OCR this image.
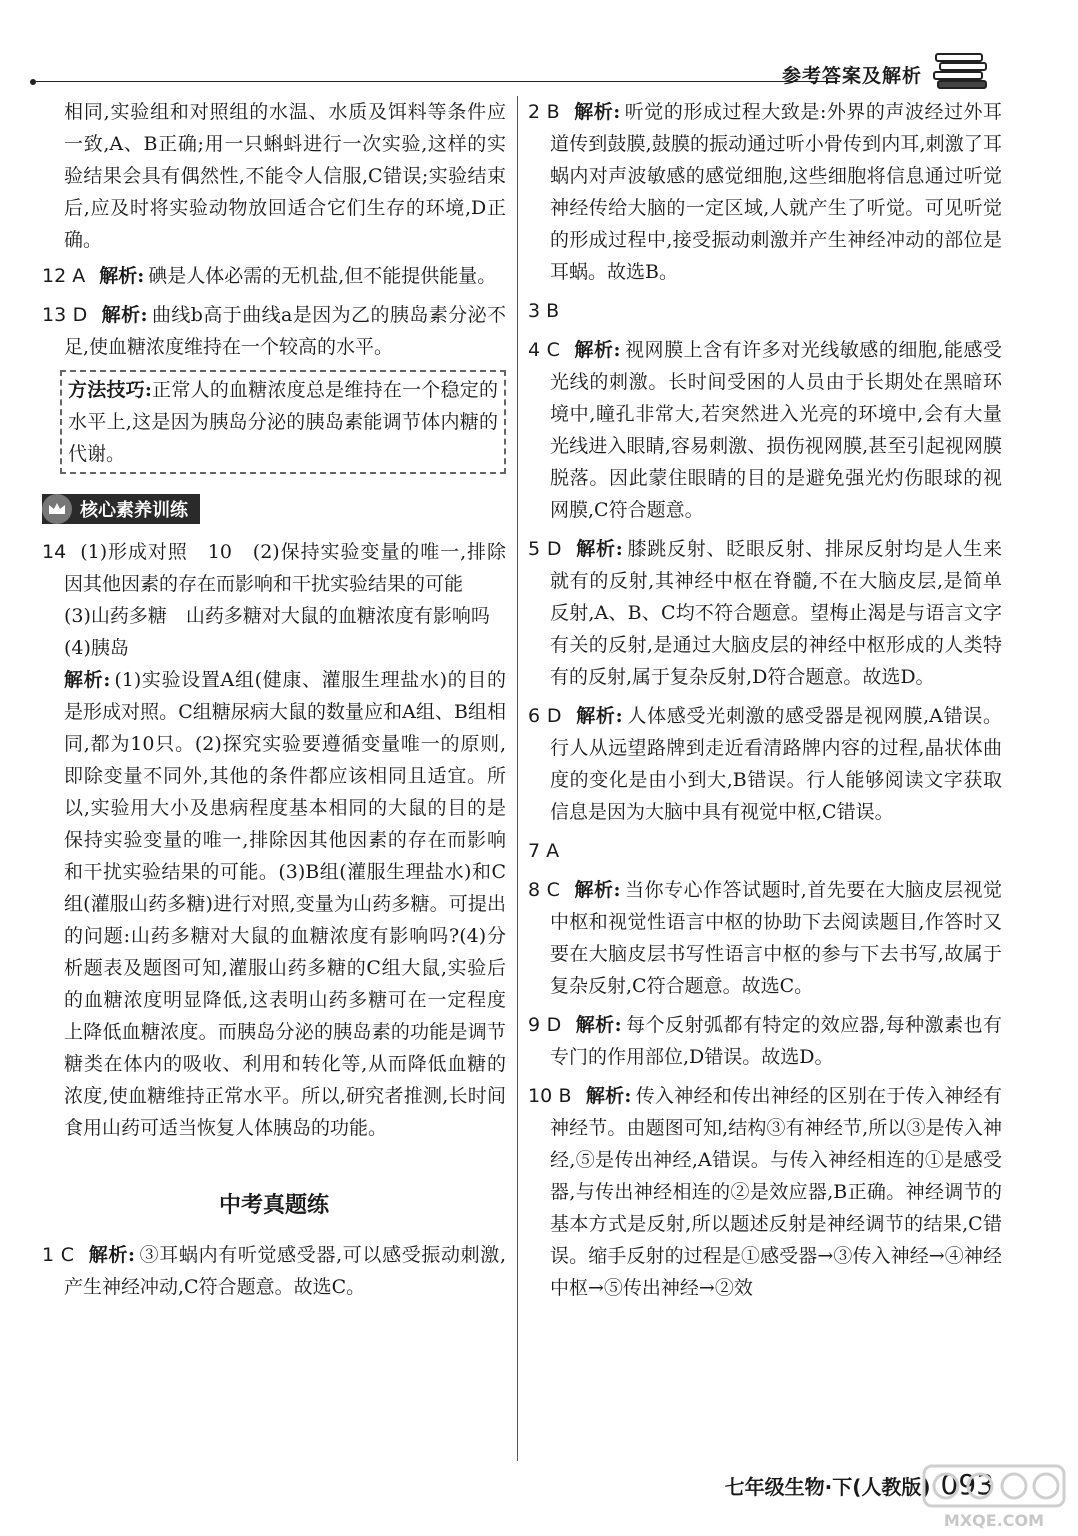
参考答案及解析

相同,实验组和对照组的水温、水质及饵料等条件应一致,A、B正确;用一只蝌蚪进行一次实验,这样的实验结果会具有偶然性,不能令人信服,C错误;实验结束后,应及时将实验动物放回适合它们生存的环境,D正确。

12 A 解析: 碘是人体必需的无机盐,但不能提供能量。
13 D 解析: 曲线b高于曲线a是因为乙的胰岛素分泌不足,使血糖浓度维持在一个较高的水平。
方法技巧:正常人的血糖浓度总是维持在一个稳定的水平上,这是因为胰岛分泌的胰岛素能调节体内糖的代谢。
核心素养训练
14 (1)形成对照　10　(2)保持实验变量的唯一,排除因其他因素的存在而影响和干扰实验结果的可能
(3)山药多糖　山药多糖对大鼠的血糖浓度有影响吗
(4)胰岛
解析: (1)实验设置A组(健康、灌服生理盐水)的目的是形成对照。C组糖尿病大鼠的数量应和A组、B组相同,都为10只。(2)探究实验要遵循变量唯一的原则,即除变量不同外,其他的条件都应该相同且适宜。所以,实验用大小及患病程度基本相同的大鼠的目的是保持实验变量的唯一,排除因其他因素的存在而影响和干扰实验结果的可能。(3)B组(灌服生理盐水)和C组(灌服山药多糖)进行对照,变量为山药多糖。可提出的问题:山药多糖对大鼠的血糖浓度有影响吗?(4)分析题表及题图可知,灌服山药多糖的C组大鼠,实验后的血糖浓度明显降低,这表明山药多糖可在一定程度上降低血糖浓度。而胰岛分泌的胰岛素的功能是调节糖类在体内的吸收、利用和转化等,从而降低血糖的浓度,使血糖维持正常水平。所以,研究者推测,长时间食用山药可适当恢复人体胰岛的功能。
中考真题练
1 C 解析: ③耳蜗内有听觉感受器,可以感受振动刺激,产生神经冲动,C符合题意。故选C。
2 B 解析: 听觉的形成过程大致是:外界的声波经过外耳道传到鼓膜,鼓膜的振动通过听小骨传到内耳,刺激了耳蜗内对声波敏感的感觉细胞,这些细胞将信息通过听觉神经传给大脑的一定区域,人就产生了听觉。可见听觉的形成过程中,接受振动刺激并产生神经冲动的部位是耳蜗。故选B。
3 B
4 C 解析: 视网膜上含有许多对光线敏感的细胞,能感受光线的刺激。长时间受困的人员由于长期处在黑暗环境中,瞳孔非常大,若突然进入光亮的环境中,会有大量光线进入眼睛,容易刺激、损伤视网膜,甚至引起视网膜脱落。因此蒙住眼睛的目的是避免强光灼伤眼球的视网膜,C符合题意。
5 D 解析: 膝跳反射、眨眼反射、排尿反射均是人生来就有的反射,其神经中枢在脊髓,不在大脑皮层,是简单反射,A、B、C均不符合题意。望梅止渴是与语言文字有关的反射,是通过大脑皮层的神经中枢形成的人类特有的反射,属于复杂反射,D符合题意。故选D。
6 D 解析: 人体感受光刺激的感受器是视网膜,A错误。行人从远望路牌到走近看清路牌内容的过程,晶状体曲度的变化是由小到大,B错误。行人能够阅读文字获取信息是因为大脑中具有视觉中枢,C错误。
7 A
8 C 解析: 当你专心作答试题时,首先要在大脑皮层视觉中枢和视觉性语言中枢的协助下去阅读题目,作答时又要在大脑皮层书写性语言中枢的参与下去书写,故属于复杂反射,C符合题意。故选C。
9 D 解析: 每个反射弧都有特定的效应器,每种激素也有专门的作用部位,D错误。故选D。
10 B 解析: 传入神经和传出神经的区别在于传入神经有神经节。由题图可知,结构③有神经节,所以③是传入神经,⑤是传出神经,A错误。与传入神经相连的①是感受器,与传出神经相连的②是效应器,B正确。神经调节的基本方式是反射,所以题述反射是神经调节的结果,C错误。缩手反射的过程是①感受器→③传入神经→④神经中枢→⑤传出神经→②效
七年级生物·下(人教版) 093
MXQE.COM
